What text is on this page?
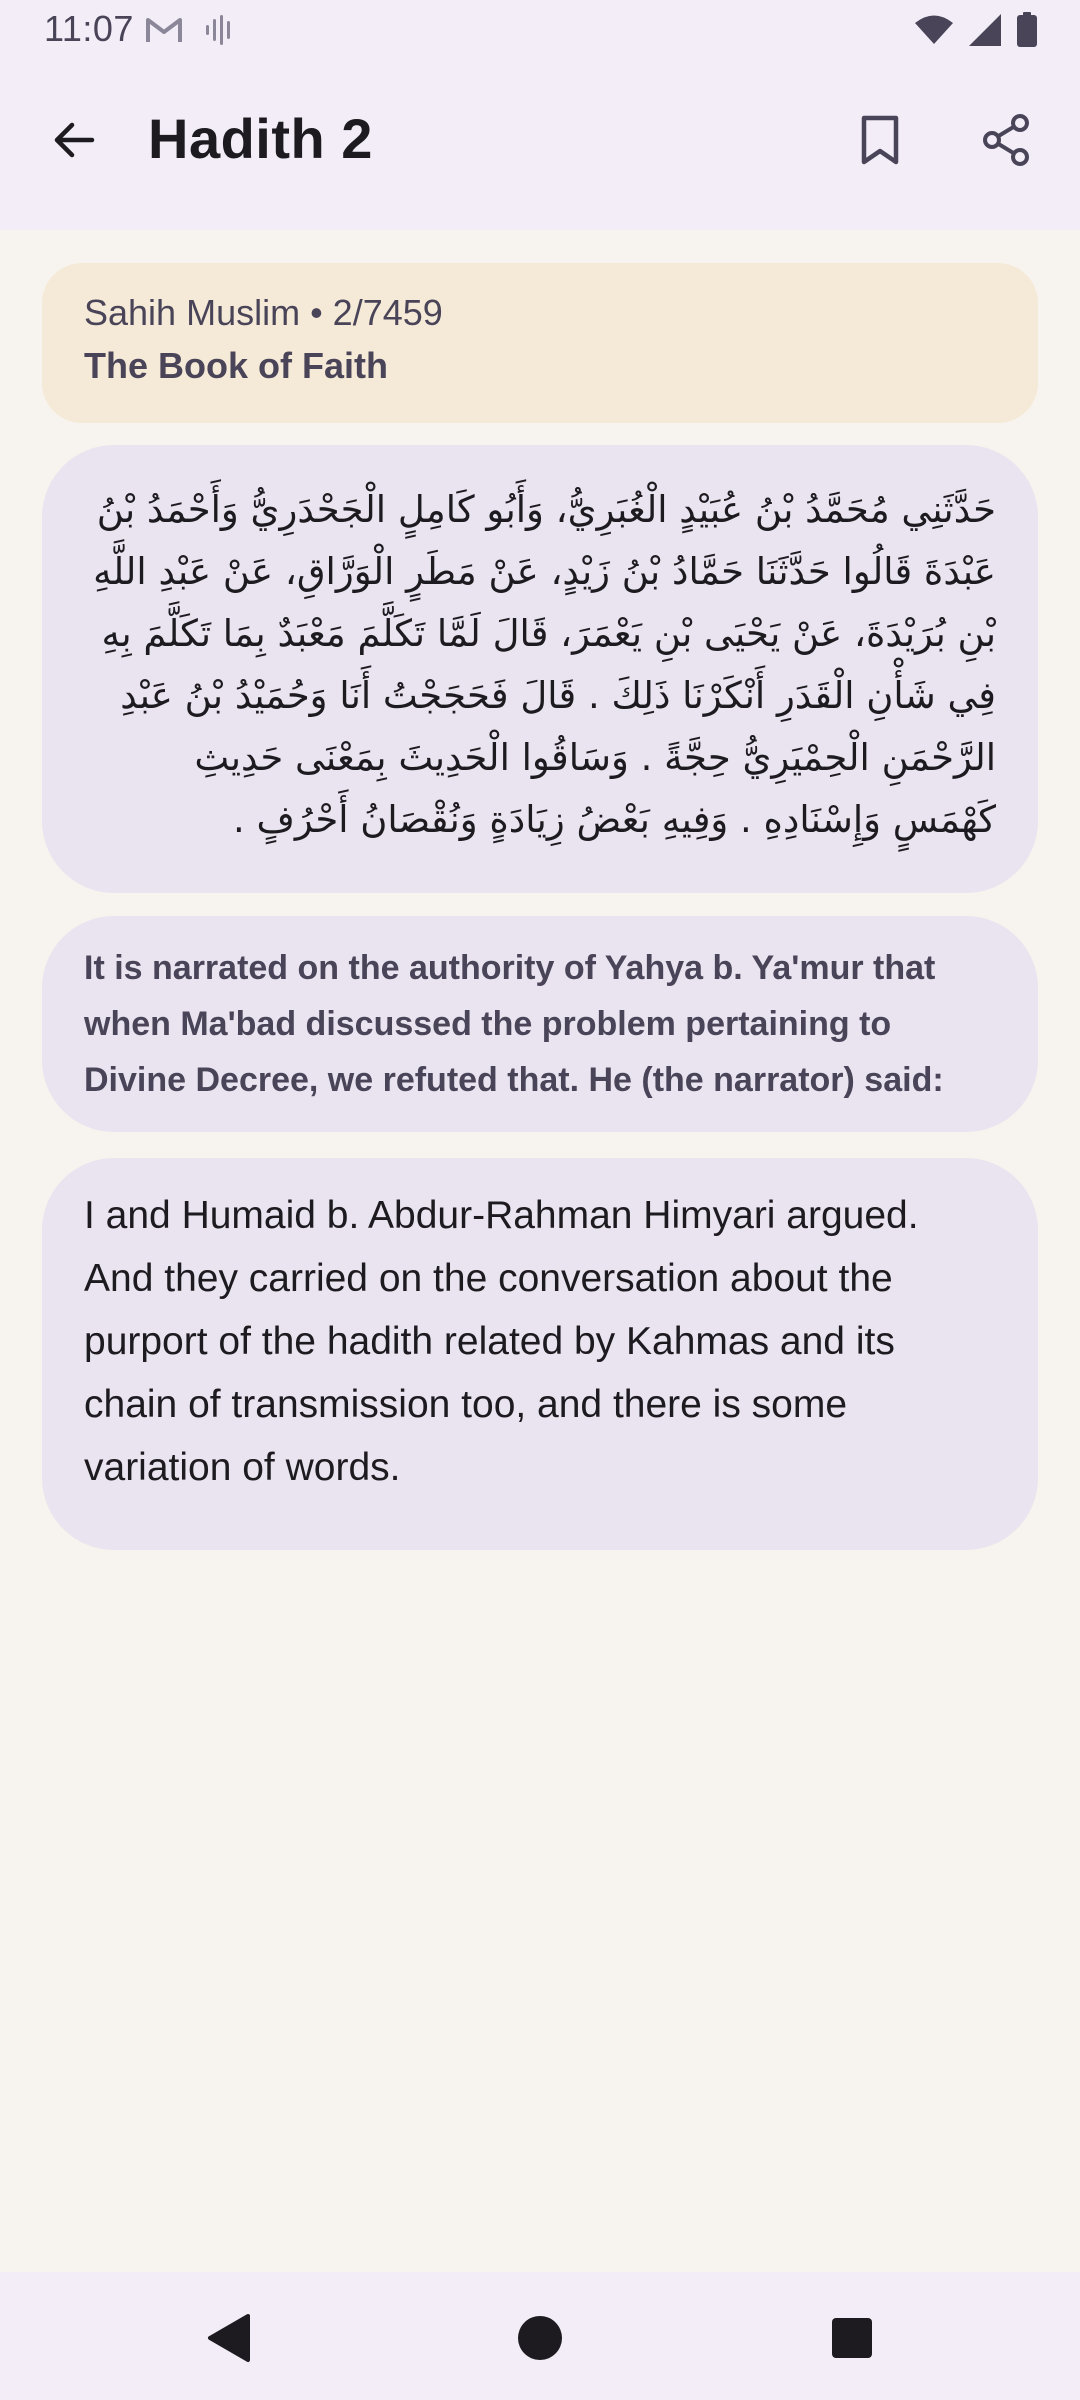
11:07
Hadith 2
Sahih Muslim • 2/7459
The Book of Faith
حَدَّثَنِي مُحَمَّدُ بْنُ عُبَيْدٍ الْغُبَرِيُّ، وَأَبُو كَامِلٍ الْجَحْدَرِيُّ وَأَحْمَدُ بْنُ عَبْدَةَ قَالُوا حَدَّثَنَا حَمَّادُ بْنُ زَيْدٍ، عَنْ مَطَرٍ الْوَرَّاقِ، عَنْ عَبْدِ اللَّهِ بْنِ بُرَيْدَةَ، عَنْ يَحْيَى بْنِ يَعْمَرَ، قَالَ لَمَّا تَكَلَّمَ مَعْبَدٌ بِمَا تَكَلَّمَ بِهِ فِي شَأْنِ الْقَدَرِ أَنْكَرْنَا ذَلِكَ . قَالَ فَحَجَجْتُ أَنَا وَحُمَيْدُ بْنُ عَبْدِ الرَّحْمَنِ الْحِمْيَرِيُّ حِجَّةً . وَسَاقُوا الْحَدِيثَ بِمَعْنَى حَدِيثِ كَهْمَسٍ وَإِسْنَادِهِ . وَفِيهِ بَعْضُ زِيَادَةٍ وَنُقْصَانُ أَحْرُفٍ .
It is narrated on the authority of Yahya b. Ya'mur that when Ma'bad discussed the problem pertaining to Divine Decree, we refuted that. He (the narrator) said:
I and Humaid b. Abdur-Rahman Himyari argued. And they carried on the conversation about the purport of the hadith related by Kahmas and its chain of transmission too, and there is some variation of words.
